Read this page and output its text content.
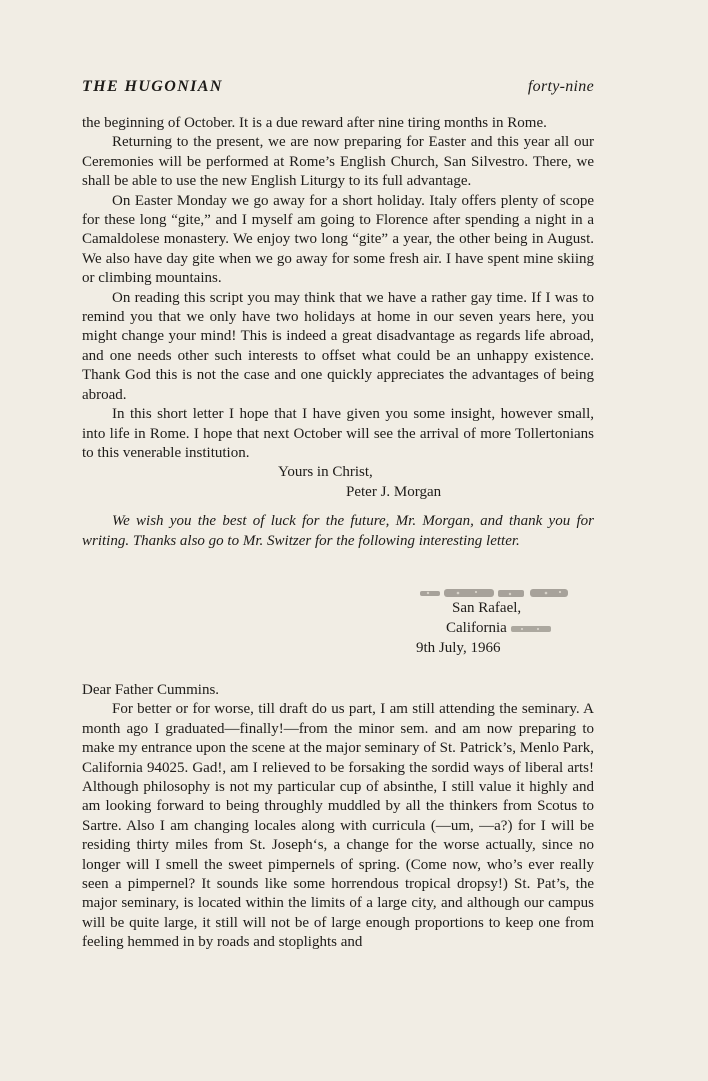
THE HUGONIAN	forty-nine

the beginning of October. It is a due reward after nine tiring months in Rome.

Returning to the present, we are now preparing for Easter and this year all our Ceremonies will be performed at Rome’s English Church, San Silvestro. There, we shall be able to use the new English Liturgy to its full advantage.

On Easter Monday we go away for a short holiday. Italy offers plenty of scope for these long “gite,” and I myself am going to Florence after spending a night in a Camaldolese monastery. We enjoy two long “gite” a year, the other being in August. We also have day gite when we go away for some fresh air. I have spent mine skiing or climbing mountains.

On reading this script you may think that we have a rather gay time. If I was to remind you that we only have two holidays at home in our seven years here, you might change your mind! This is indeed a great disadvantage as regards life abroad, and one needs other such interests to offset what could be an unhappy existence. Thank God this is not the case and one quickly appreciates the advantages of being abroad.

In this short letter I hope that I have given you some insight, however small, into life in Rome. I hope that next October will see the arrival of more Tollertonians to this venerable institution.

Yours in Christ,
Peter J. Morgan
We wish you the best of luck for the future, Mr. Morgan, and thank you for writing. Thanks also go to Mr. Switzer for the following interesting letter.
San Rafael,
California
9th July, 1966
Dear Father Cummins.

For better or for worse, till draft do us part, I am still attending the seminary. A month ago I graduated—finally!—from the minor sem. and am now preparing to make my entrance upon the scene at the major seminary of St. Patrick’s, Menlo Park, California 94025. Gad!, am I relieved to be forsaking the sordid ways of liberal arts! Although philosophy is not my particular cup of absinthe, I still value it highly and am looking forward to being throughly muddled by all the thinkers from Scotus to Sartre. Also I am changing locales along with curricula (—um, —a?) for I will be residing thirty miles from St. Joseph‘s, a change for the worse actually, since no longer will I smell the sweet pimpernels of spring. (Come now, who’s ever really seen a pimpernel? It sounds like some horrendous tropical dropsy!) St. Pat’s, the major seminary, is located within the limits of a large city, and although our campus will be quite large, it still will not be of large enough proportions to keep one from feeling hemmed in by roads and stoplights and
